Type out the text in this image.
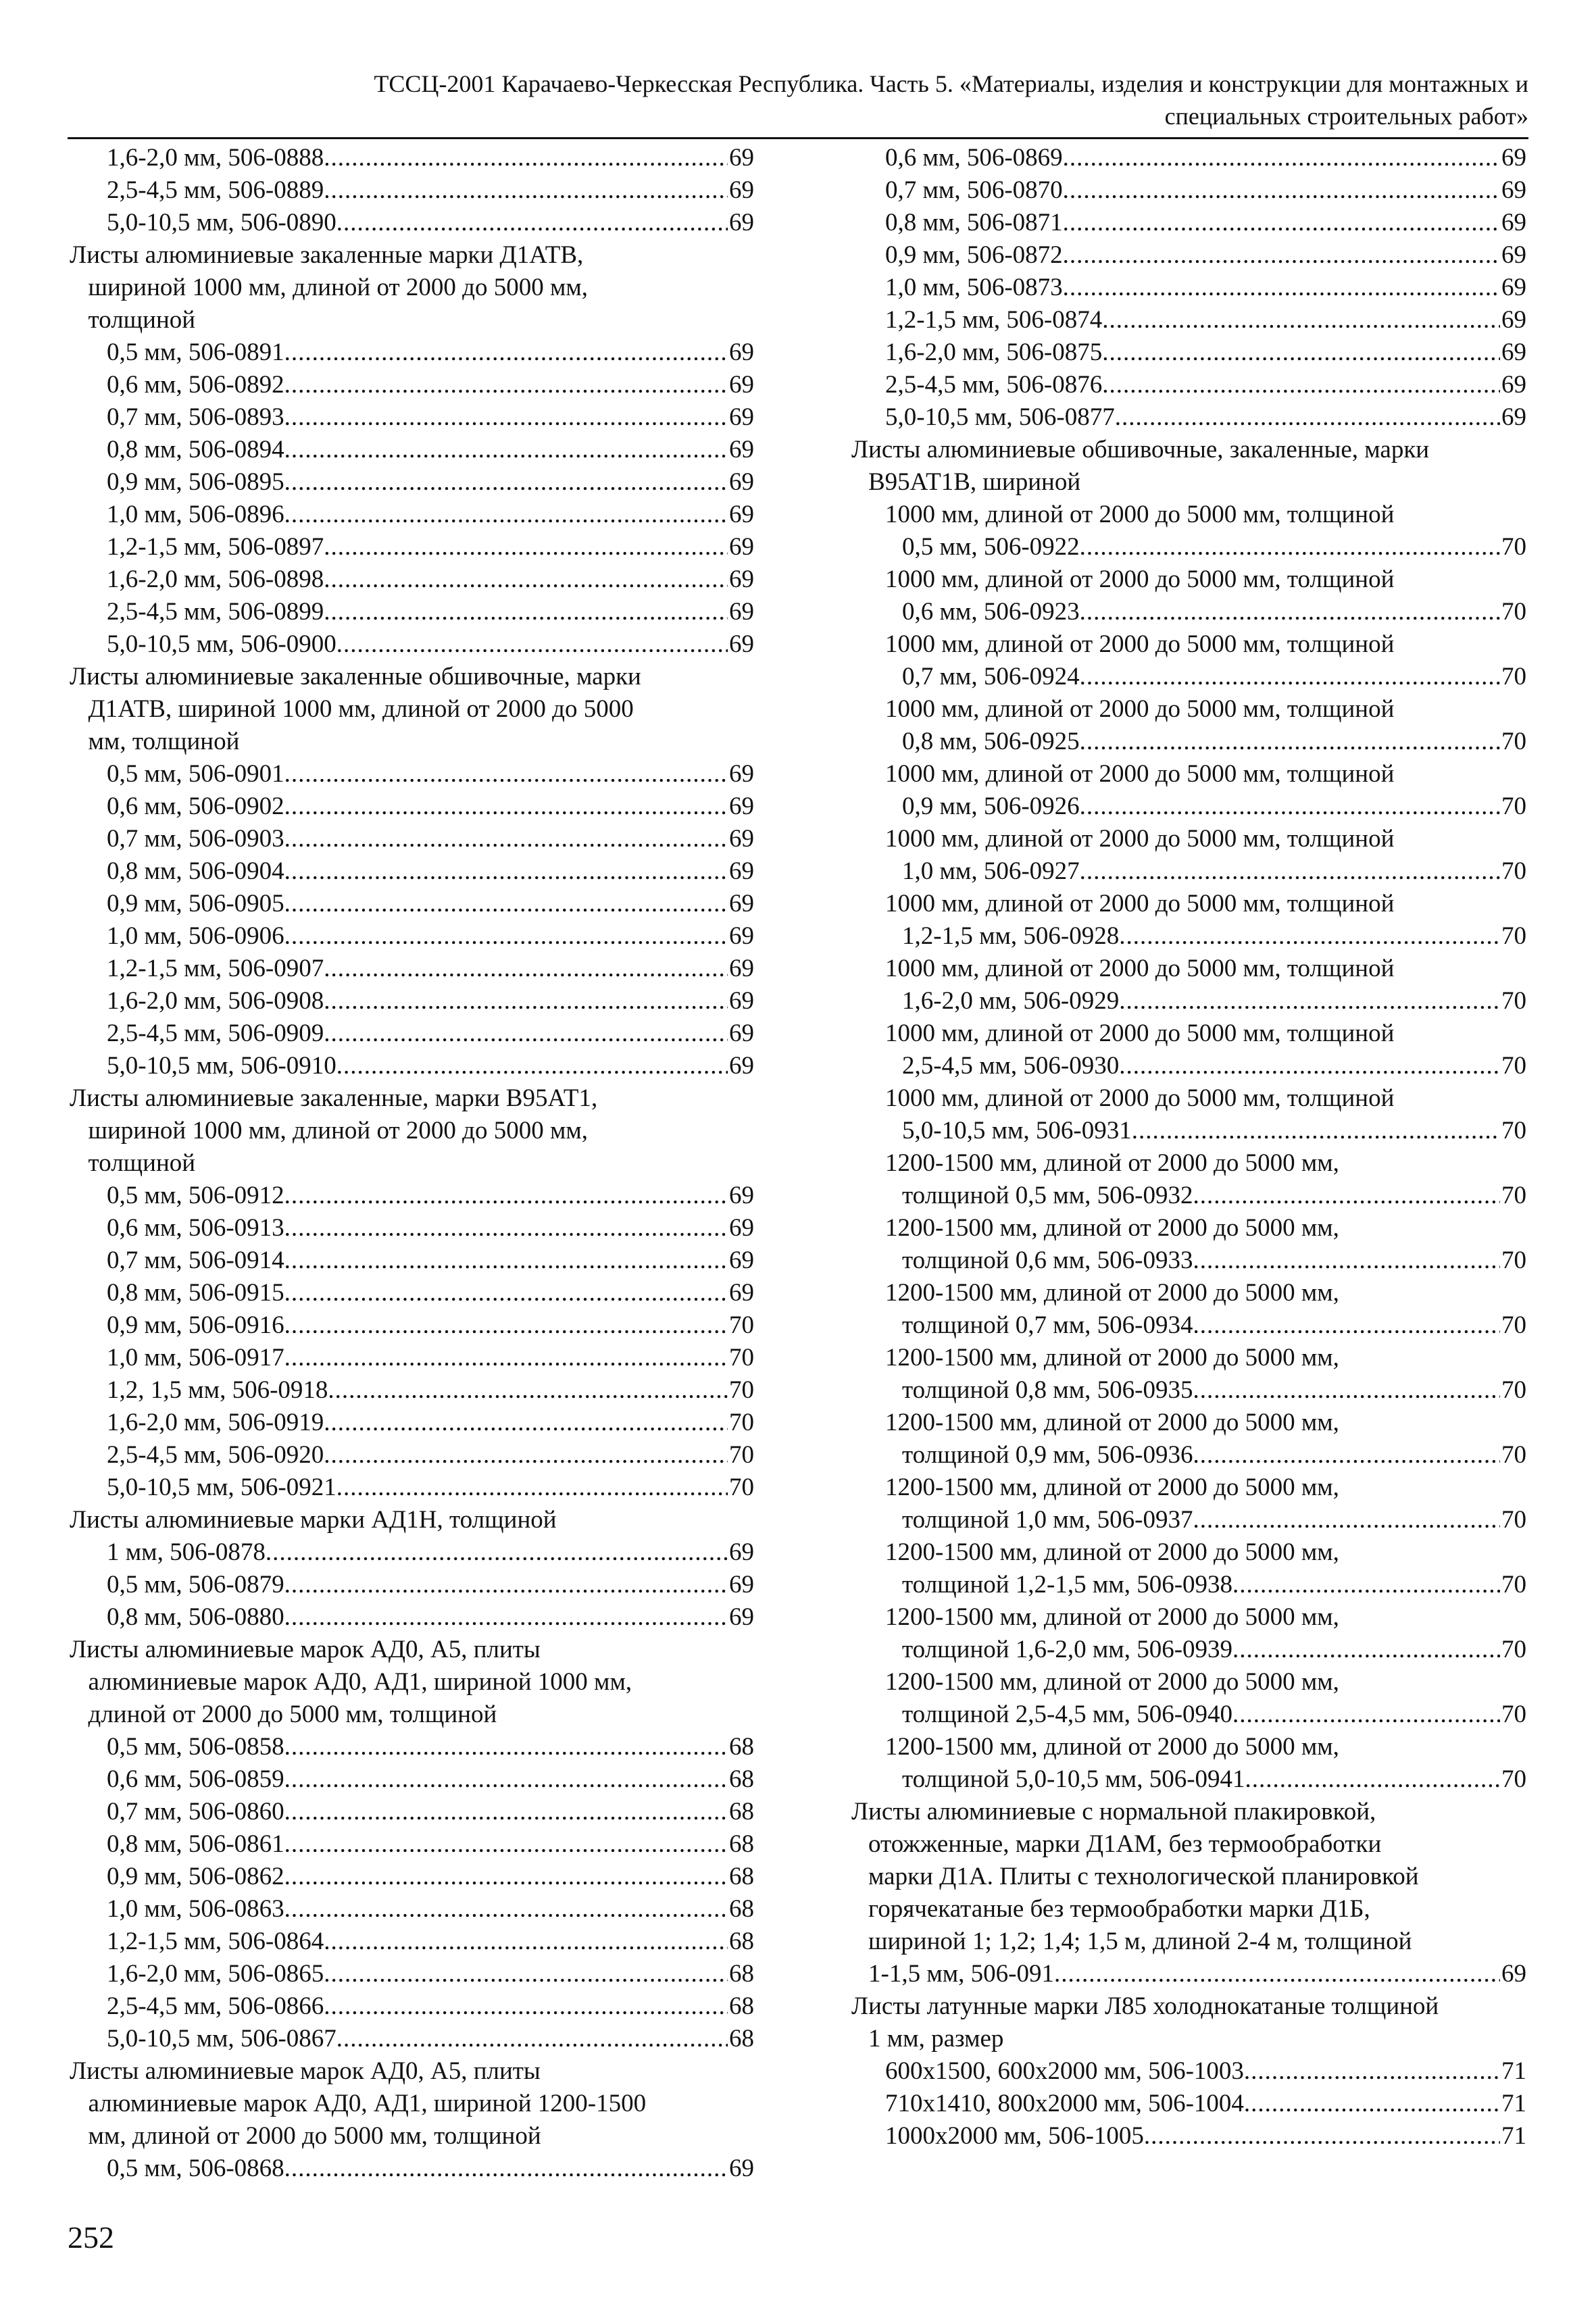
ТССЦ-2001 Карачаево-Черкесская Республика. Часть 5. «Материалы, изделия и конструкции для монтажных и
специальных строительных работ»
1,6-2,0 мм, 506-0888 .....	69
2,5-4,5 мм, 506-0889 .....	69
5,0-10,5 мм, 506-0890 .....	69
Листы алюминиевые закаленные марки Д1АТВ,
шириной 1000 мм, длиной от 2000 до 5000 мм,
толщиной
0,5 мм, 506-0891 .....	69
0,6 мм, 506-0892 .....	69
0,7 мм, 506-0893 .....	69
0,8 мм, 506-0894 .....	69
0,9 мм, 506-0895 .....	69
1,0 мм, 506-0896 .....	69
1,2-1,5 мм, 506-0897 .....	69
1,6-2,0 мм, 506-0898 .....	69
2,5-4,5 мм, 506-0899 .....	69
5,0-10,5 мм, 506-0900 .....	69
Листы алюминиевые закаленные обшивочные, марки
Д1АТВ, шириной 1000 мм, длиной от 2000 до 5000
мм, толщиной
0,5 мм, 506-0901 .....	69
0,6 мм, 506-0902 .....	69
0,7 мм, 506-0903 .....	69
0,8 мм, 506-0904 .....	69
0,9 мм, 506-0905 .....	69
1,0 мм, 506-0906 .....	69
1,2-1,5 мм, 506-0907 .....	69
1,6-2,0 мм, 506-0908 .....	69
2,5-4,5 мм, 506-0909 .....	69
5,0-10,5 мм, 506-0910 .....	69
Листы алюминиевые закаленные, марки В95АТ1,
шириной 1000 мм, длиной от 2000 до 5000 мм,
толщиной
0,5 мм, 506-0912 .....	69
0,6 мм, 506-0913 .....	69
0,7 мм, 506-0914 .....	69
0,8 мм, 506-0915 .....	69
0,9 мм, 506-0916 .....	70
1,0 мм, 506-0917 .....	70
1,2, 1,5 мм, 506-0918 .....	70
1,6-2,0 мм, 506-0919 .....	70
2,5-4,5 мм, 506-0920 .....	70
5,0-10,5 мм, 506-0921 .....	70
Листы алюминиевые марки АД1Н, толщиной
1 мм, 506-0878 .....	69
0,5 мм, 506-0879 .....	69
0,8 мм, 506-0880 .....	69
Листы алюминиевые марок АД0, А5, плиты
алюминиевые марок АД0, АД1, шириной 1000 мм,
длиной от 2000 до 5000 мм, толщиной
0,5 мм, 506-0858 .....	68
0,6 мм, 506-0859 .....	68
0,7 мм, 506-0860 .....	68
0,8 мм, 506-0861 .....	68
0,9 мм, 506-0862 .....	68
1,0 мм, 506-0863 .....	68
1,2-1,5 мм, 506-0864 .....	68
1,6-2,0 мм, 506-0865 .....	68
2,5-4,5 мм, 506-0866 .....	68
5,0-10,5 мм, 506-0867 .....	68
Листы алюминиевые марок АД0, А5, плиты
алюминиевые марок АД0, АД1, шириной 1200-1500
мм, длиной от 2000 до 5000 мм, толщиной
0,5 мм, 506-0868 .....	69
0,6 мм, 506-0869 .....	69
0,7 мм, 506-0870 .....	69
0,8 мм, 506-0871 .....	69
0,9 мм, 506-0872 .....	69
1,0 мм, 506-0873 .....	69
1,2-1,5 мм, 506-0874 .....	69
1,6-2,0 мм, 506-0875 .....	69
2,5-4,5 мм, 506-0876 .....	69
5,0-10,5 мм, 506-0877 .....	69
Листы алюминиевые обшивочные, закаленные, марки
В95АТ1В, шириной
1000 мм, длиной от 2000 до 5000 мм, толщиной
0,5 мм, 506-0922 .....	70
1000 мм, длиной от 2000 до 5000 мм, толщиной
0,6 мм, 506-0923 .....	70
1000 мм, длиной от 2000 до 5000 мм, толщиной
0,7 мм, 506-0924 .....	70
1000 мм, длиной от 2000 до 5000 мм, толщиной
0,8 мм, 506-0925 .....	70
1000 мм, длиной от 2000 до 5000 мм, толщиной
0,9 мм, 506-0926 .....	70
1000 мм, длиной от 2000 до 5000 мм, толщиной
1,0 мм, 506-0927 .....	70
1000 мм, длиной от 2000 до 5000 мм, толщиной
1,2-1,5 мм, 506-0928 .....	70
1000 мм, длиной от 2000 до 5000 мм, толщиной
1,6-2,0 мм, 506-0929 .....	70
1000 мм, длиной от 2000 до 5000 мм, толщиной
2,5-4,5 мм, 506-0930 .....	70
1000 мм, длиной от 2000 до 5000 мм, толщиной
5,0-10,5 мм, 506-0931 .....	70
1200-1500 мм, длиной от 2000 до 5000 мм,
толщиной 0,5 мм, 506-0932 .....	70
1200-1500 мм, длиной от 2000 до 5000 мм,
толщиной 0,6 мм, 506-0933 .....	70
1200-1500 мм, длиной от 2000 до 5000 мм,
толщиной 0,7 мм, 506-0934 .....	70
1200-1500 мм, длиной от 2000 до 5000 мм,
толщиной 0,8 мм, 506-0935 .....	70
1200-1500 мм, длиной от 2000 до 5000 мм,
толщиной 0,9 мм, 506-0936 .....	70
1200-1500 мм, длиной от 2000 до 5000 мм,
толщиной 1,0 мм, 506-0937 .....	70
1200-1500 мм, длиной от 2000 до 5000 мм,
толщиной 1,2-1,5 мм, 506-0938 .....	70
1200-1500 мм, длиной от 2000 до 5000 мм,
толщиной 1,6-2,0 мм, 506-0939 .....	70
1200-1500 мм, длиной от 2000 до 5000 мм,
толщиной 2,5-4,5 мм, 506-0940 .....	70
1200-1500 мм, длиной от 2000 до 5000 мм,
толщиной 5,0-10,5 мм, 506-0941 .....	70
Листы алюминиевые с нормальной плакировкой,
отожженные, марки Д1АМ, без термообработки
марки Д1А. Плиты с технологической планировкой
горячекатаные без термообработки марки Д1Б,
шириной 1; 1,2; 1,4; 1,5 м, длиной 2-4 м, толщиной
1-1,5 мм, 506-091 .....	69
Листы латунные марки Л85 холоднокатаные толщиной
1 мм, размер
600x1500, 600x2000 мм, 506-1003 .....	71
710x1410, 800x2000 мм, 506-1004 .....	71
1000x2000 мм, 506-1005 .....	71
252
